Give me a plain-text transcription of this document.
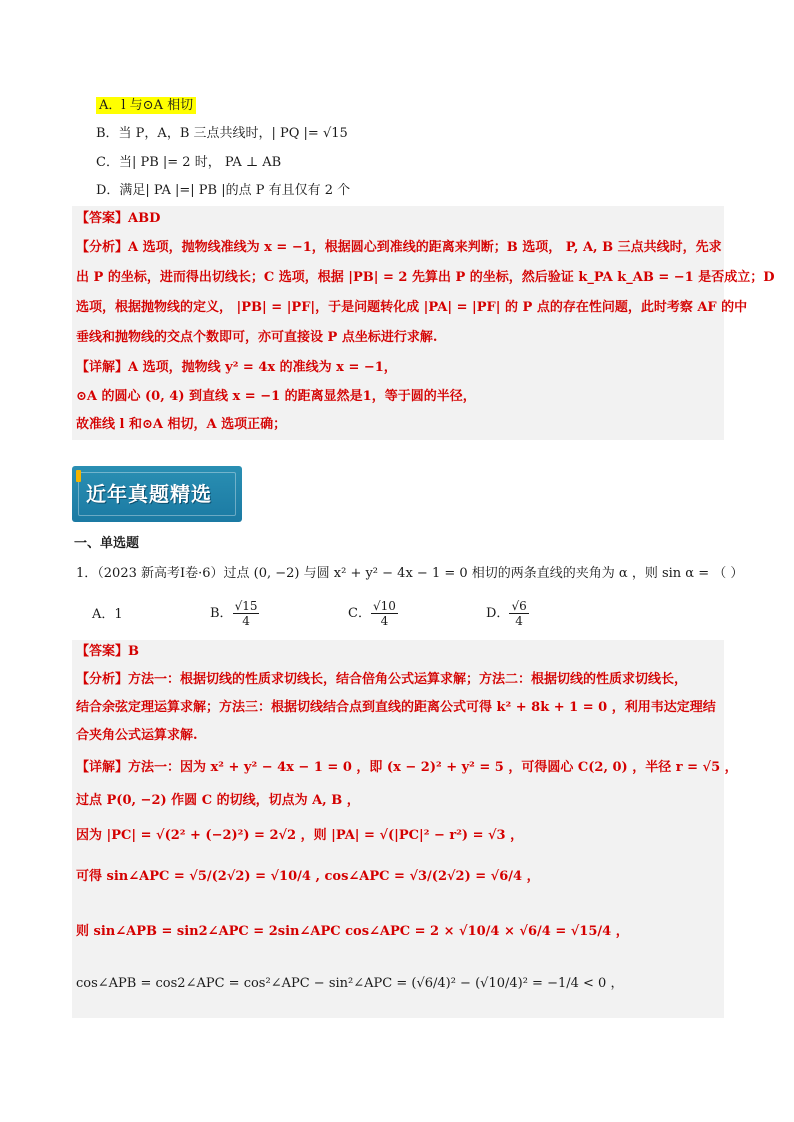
A．l 与⊙A 相切
B．当 P，A，B 三点共线时，| PQ |= √15
C．当| PB |= 2 时， PA ⊥ AB
D．满足| PA |=| PB |的点 P 有且仅有 2 个
【答案】ABD
【分析】A 选项，抛物线准线为 x = −1，根据圆心到准线的距离来判断；B 选项， P, A, B 三点共线时，先求
出 P 的坐标，进而得出切线长；C 选项，根据 |PB| = 2 先算出 P 的坐标，然后验证 k_PA k_AB = −1 是否成立；D
选项，根据抛物线的定义， |PB| = |PF|，于是问题转化成 |PA| = |PF| 的 P 点的存在性问题，此时考察 AF 的中
垂线和抛物线的交点个数即可，亦可直接设 P 点坐标进行求解.
【详解】A 选项，抛物线 y² = 4x 的准线为 x = −1，
⊙A 的圆心 (0, 4) 到直线 x = −1 的距离显然是1，等于圆的半径，
故准线 l 和⊙A 相切，A 选项正确；
近年真题精选
一、单选题
1．（2023 新高考I卷·6）过点 (0, −2) 与圆 x² + y² − 4x − 1 = 0 相切的两条直线的夹角为 α ，则 sin α = （ ）
A．1	B． $\frac{√15}{4}$	C． $\frac{√10}{4}$	D． $\frac{√6}{4}$
【答案】B
【分析】方法一：根据切线的性质求切线长，结合倍角公式运算求解；方法二：根据切线的性质求切线长，
结合余弦定理运算求解；方法三：根据切线结合点到直线的距离公式可得 k² + 8k + 1 = 0 ，利用韦达定理结
合夹角公式运算求解.
【详解】方法一：因为 x² + y² − 4x − 1 = 0 ，即 (x − 2)² + y² = 5 ，可得圆心 C(2, 0) ，半径 r = √5 ，
过点 P(0, −2) 作圆 C 的切线，切点为 A, B ，
因为 |PC| = √(2² + (−2)²) = 2√2 ，则 |PA| = √(|PC|² − r²) = √3 ，
可得 sin∠APC = √5/(2√2) = √10/4 , cos∠APC = √3/(2√2) = √6/4 ，
则 sin∠APB = sin2∠APC = 2sin∠APC cos∠APC = 2 × √10/4 × √6/4 = √15/4 ，
cos∠APB = cos2∠APC = cos²∠APC − sin²∠APC = (√6/4)² − (√10/4)² = −1/4 < 0 ，
